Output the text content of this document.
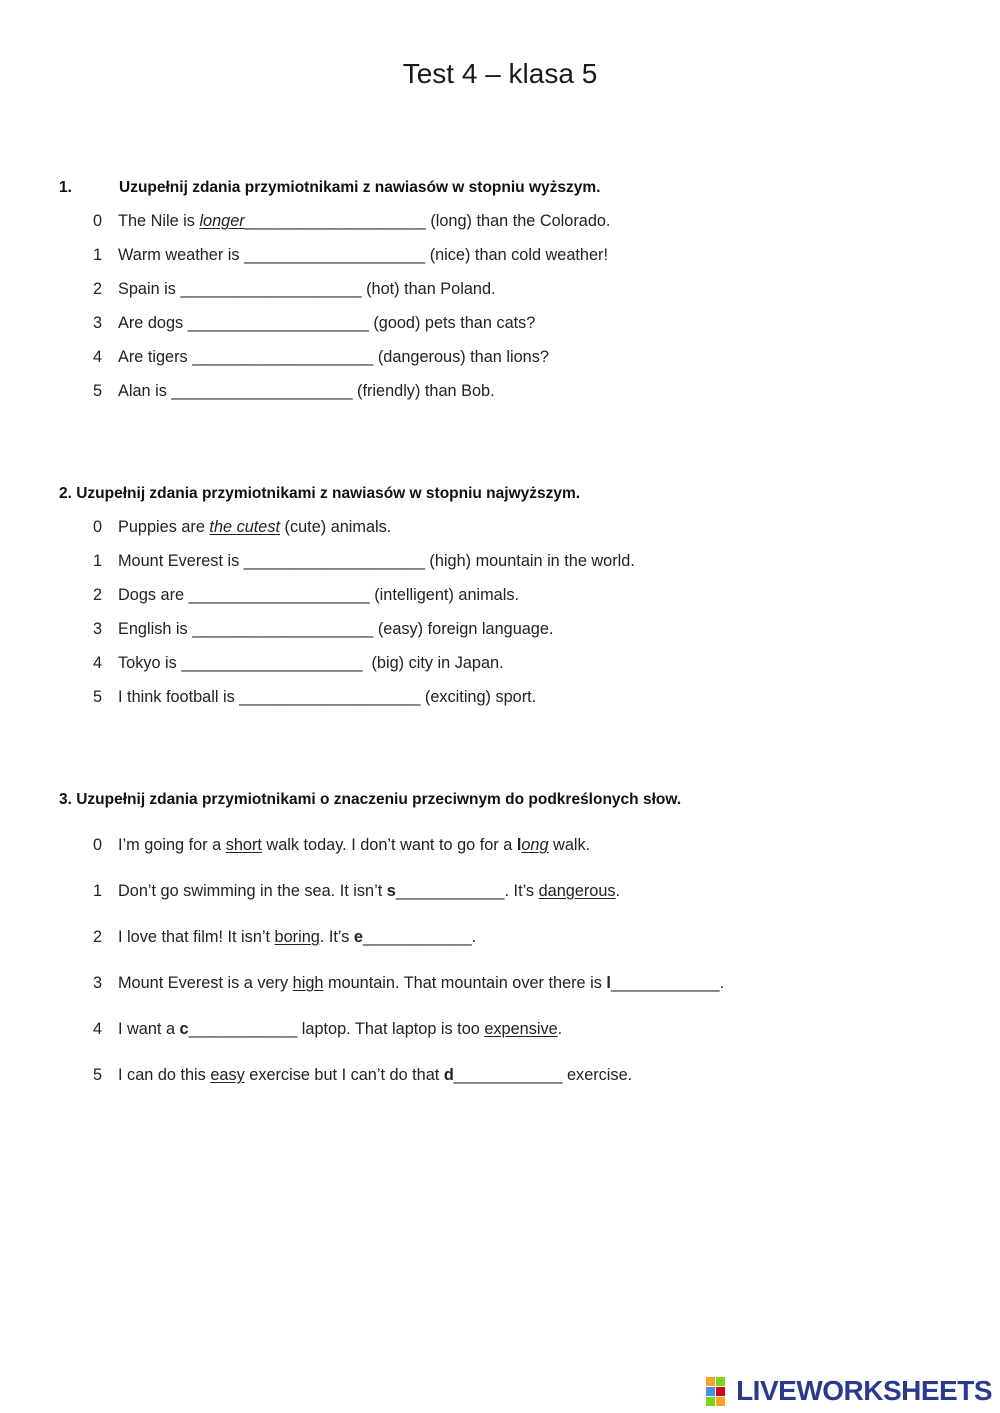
Test 4 – klasa 5
1.	Uzupełnij zdania przymiotnikami z nawiasów w stopniu wyższym.
0 The Nile is longer____________________ (long) than the Colorado.
1 Warm weather is ____________________ (nice) than cold weather!
2 Spain is ____________________ (hot) than Poland.
3 Are dogs ____________________ (good) pets than cats?
4 Are tigers ____________________ (dangerous) than lions?
5 Alan is ____________________ (friendly) than Bob.
2. Uzupełnij zdania przymiotnikami z nawiasów w stopniu najwyższym.
0 Puppies are the cutest (cute) animals.
1 Mount Everest is ____________________ (high) mountain in the world.
2 Dogs are ____________________ (intelligent) animals.
3 English is ____________________ (easy) foreign language.
4 Tokyo is ____________________  (big) city in Japan.
5 I think football is ____________________ (exciting) sport.
3. Uzupełnij zdania przymiotnikami o znaczeniu przeciwnym do podkreślonych słow.
0 I’m going for a short walk today. I don’t want to go for a long walk.
1 Don’t go swimming in the sea. It isn’t s____________. It’s dangerous.
2 I love that film! It isn’t boring. It’s e____________.
3 Mount Everest is a very high mountain. That mountain over there is l____________.
4 I want a c____________ laptop. That laptop is too expensive.
5 I can do this easy exercise but I can’t do that d____________ exercise.
LIVEWORKSHEETS
